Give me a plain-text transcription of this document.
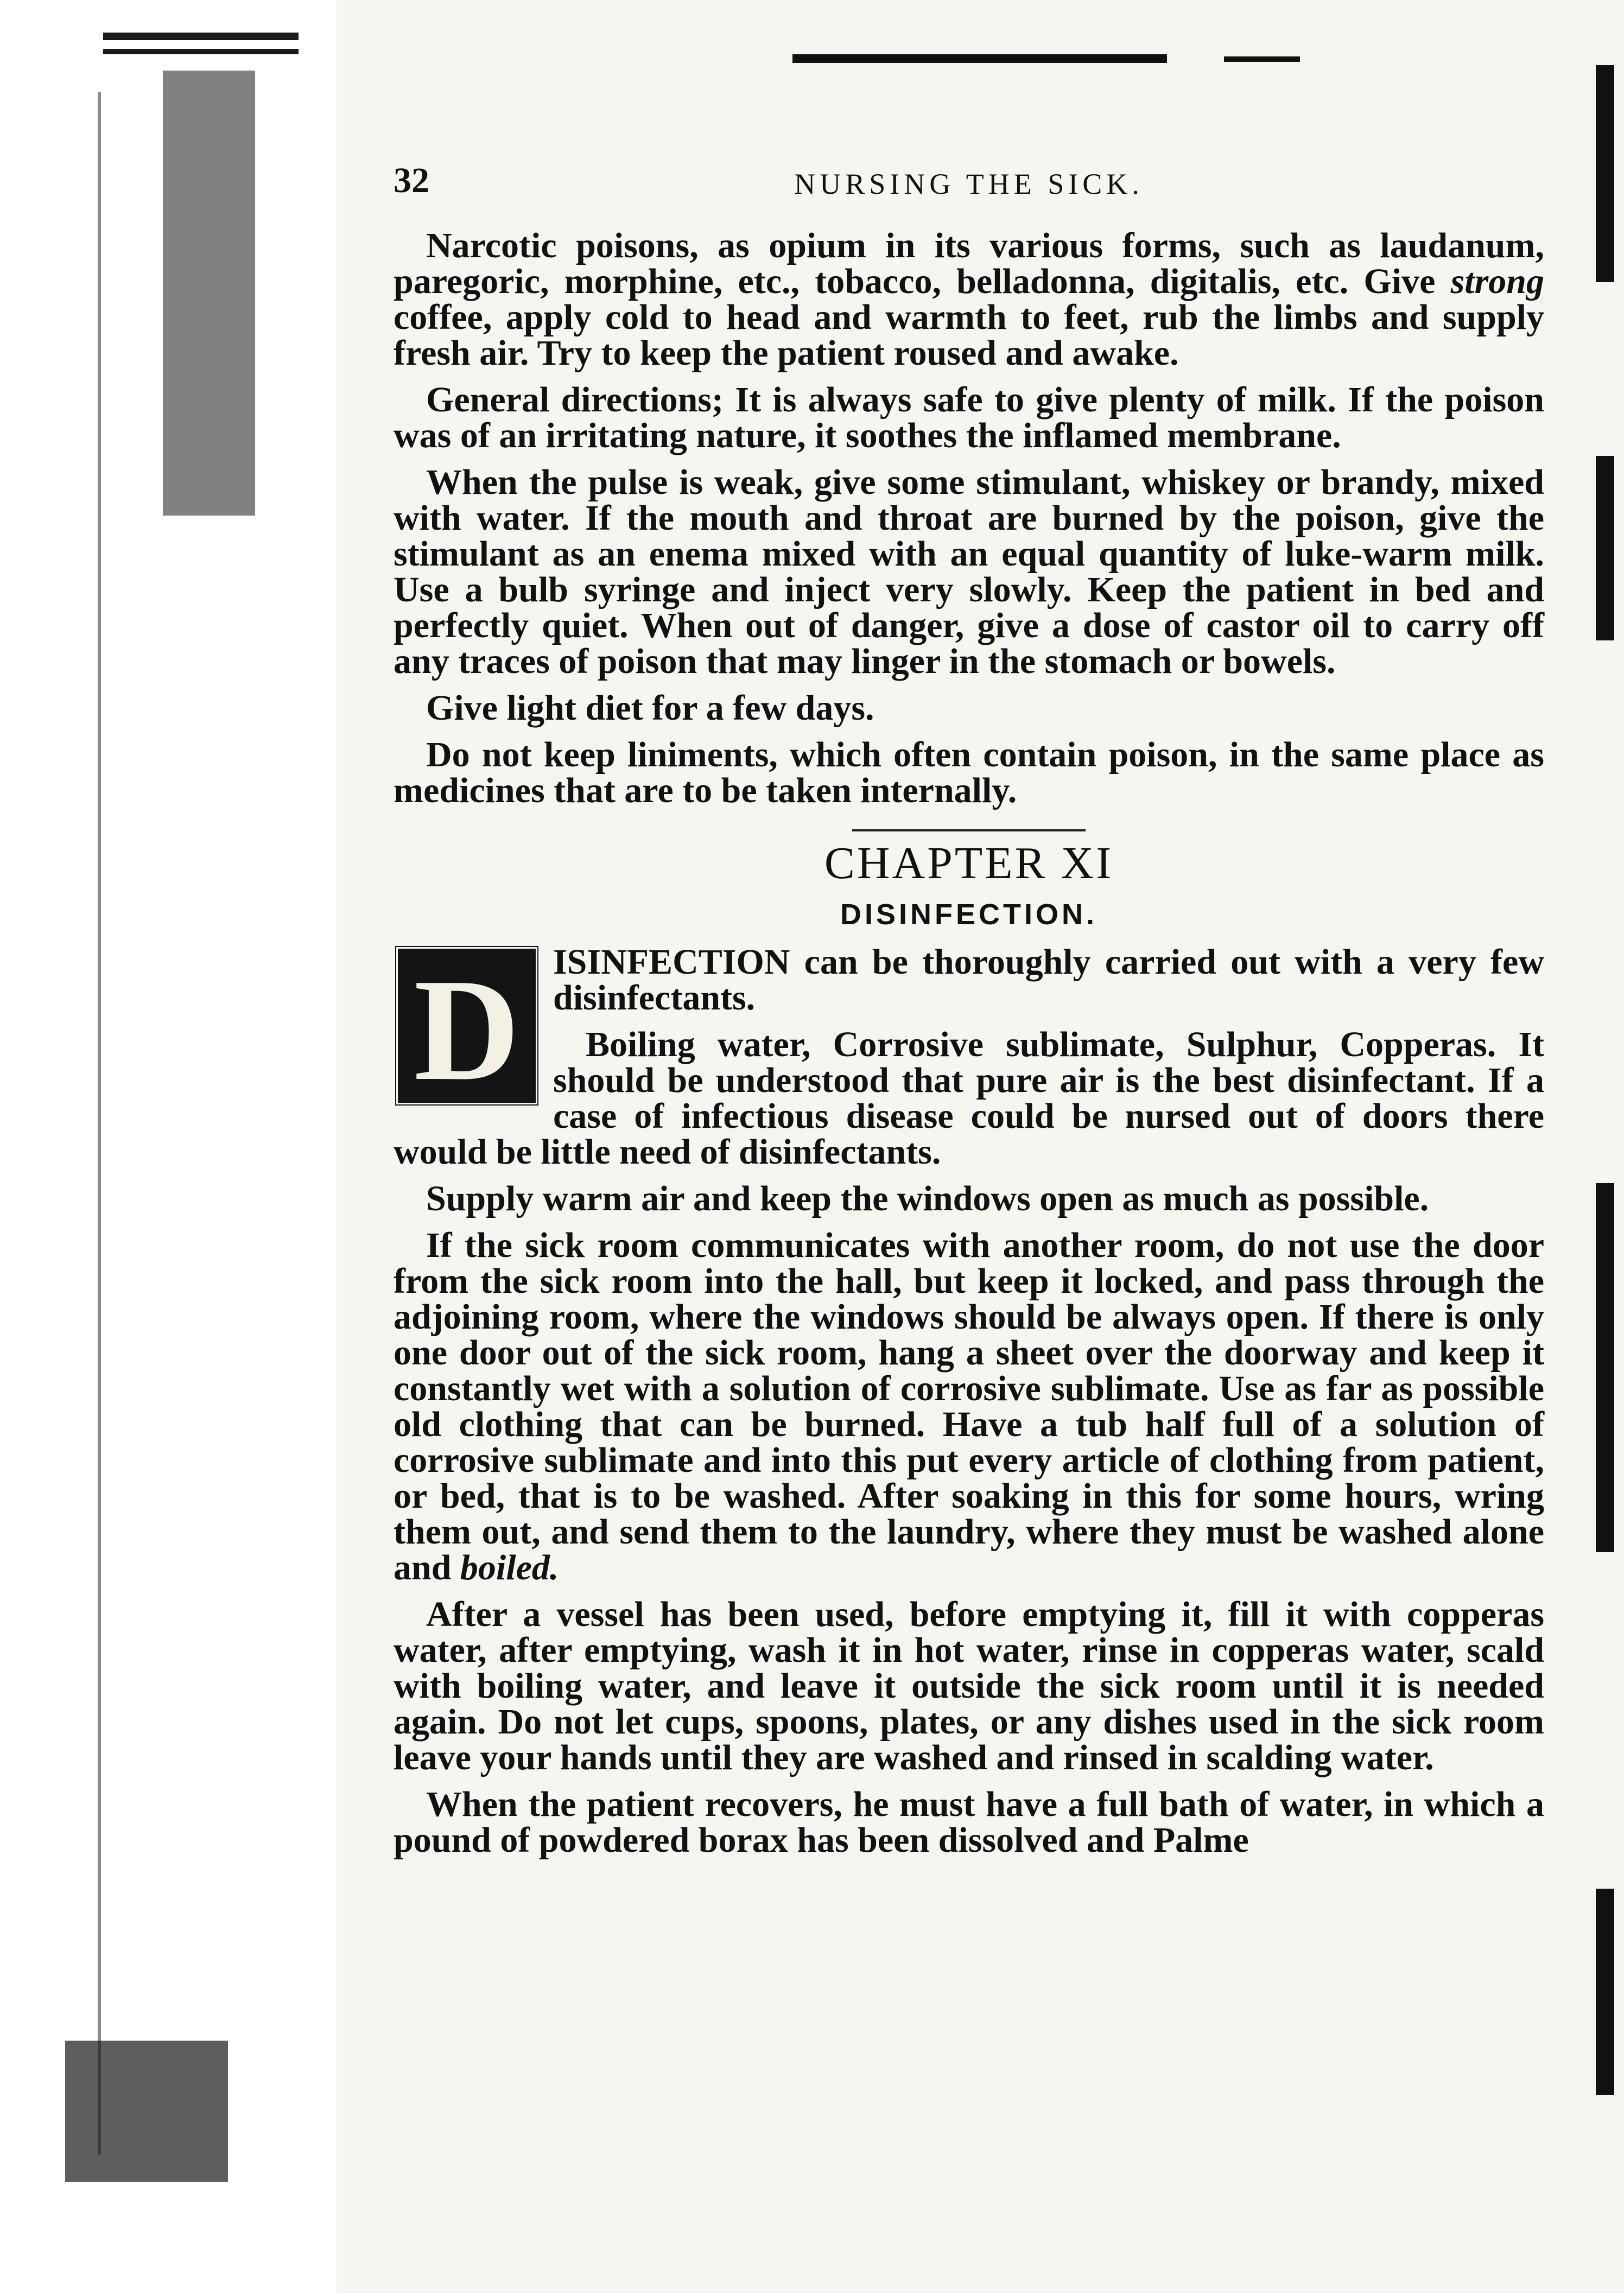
32	NURSING THE SICK.

Narcotic poisons, as opium in its various forms, such as laudanum, paregoric, morphine, etc., tobacco, belladonna, digitalis, etc. Give strong coffee, apply cold to head and warmth to feet, rub the limbs and supply fresh air. Try to keep the patient roused and awake.

General directions; It is always safe to give plenty of milk. If the poison was of an irritating nature, it soothes the inflamed membrane.

When the pulse is weak, give some stimulant, whiskey or brandy, mixed with water. If the mouth and throat are burned by the poison, give the stimulant as an enema mixed with an equal quantity of luke-warm milk. Use a bulb syringe and inject very slowly. Keep the patient in bed and perfectly quiet. When out of danger, give a dose of castor oil to carry off any traces of poison that may linger in the stomach or bowels.

Give light diet for a few days.

Do not keep liniments, which often contain poison, in the same place as medicines that are to be taken internally.

CHAPTER XI
DISINFECTION.
D ISINFECTION can be thoroughly carried out with a very few disinfectants.

Boiling water, Corrosive sublimate, Sulphur, Copperas. It should be understood that pure air is the best disinfectant. If a case of infectious disease could be nursed out of doors there would be little need of disinfectants.

Supply warm air and keep the windows open as much as possible.

If the sick room communicates with another room, do not use the door from the sick room into the hall, but keep it locked, and pass through the adjoining room, where the windows should be always open. If there is only one door out of the sick room, hang a sheet over the doorway and keep it constantly wet with a solution of corrosive sublimate. Use as far as possible old clothing that can be burned. Have a tub half full of a solution of corrosive sublimate and into this put every article of clothing from patient, or bed, that is to be washed. After soaking in this for some hours, wring them out, and send them to the laundry, where they must be washed alone and boiled.

After a vessel has been used, before emptying it, fill it with copperas water, after emptying, wash it in hot water, rinse in copperas water, scald with boiling water, and leave it outside the sick room until it is needed again. Do not let cups, spoons, plates, or any dishes used in the sick room leave your hands until they are washed and rinsed in scalding water.

When the patient recovers, he must have a full bath of water, in which a pound of powdered borax has been dissolved and Palme
